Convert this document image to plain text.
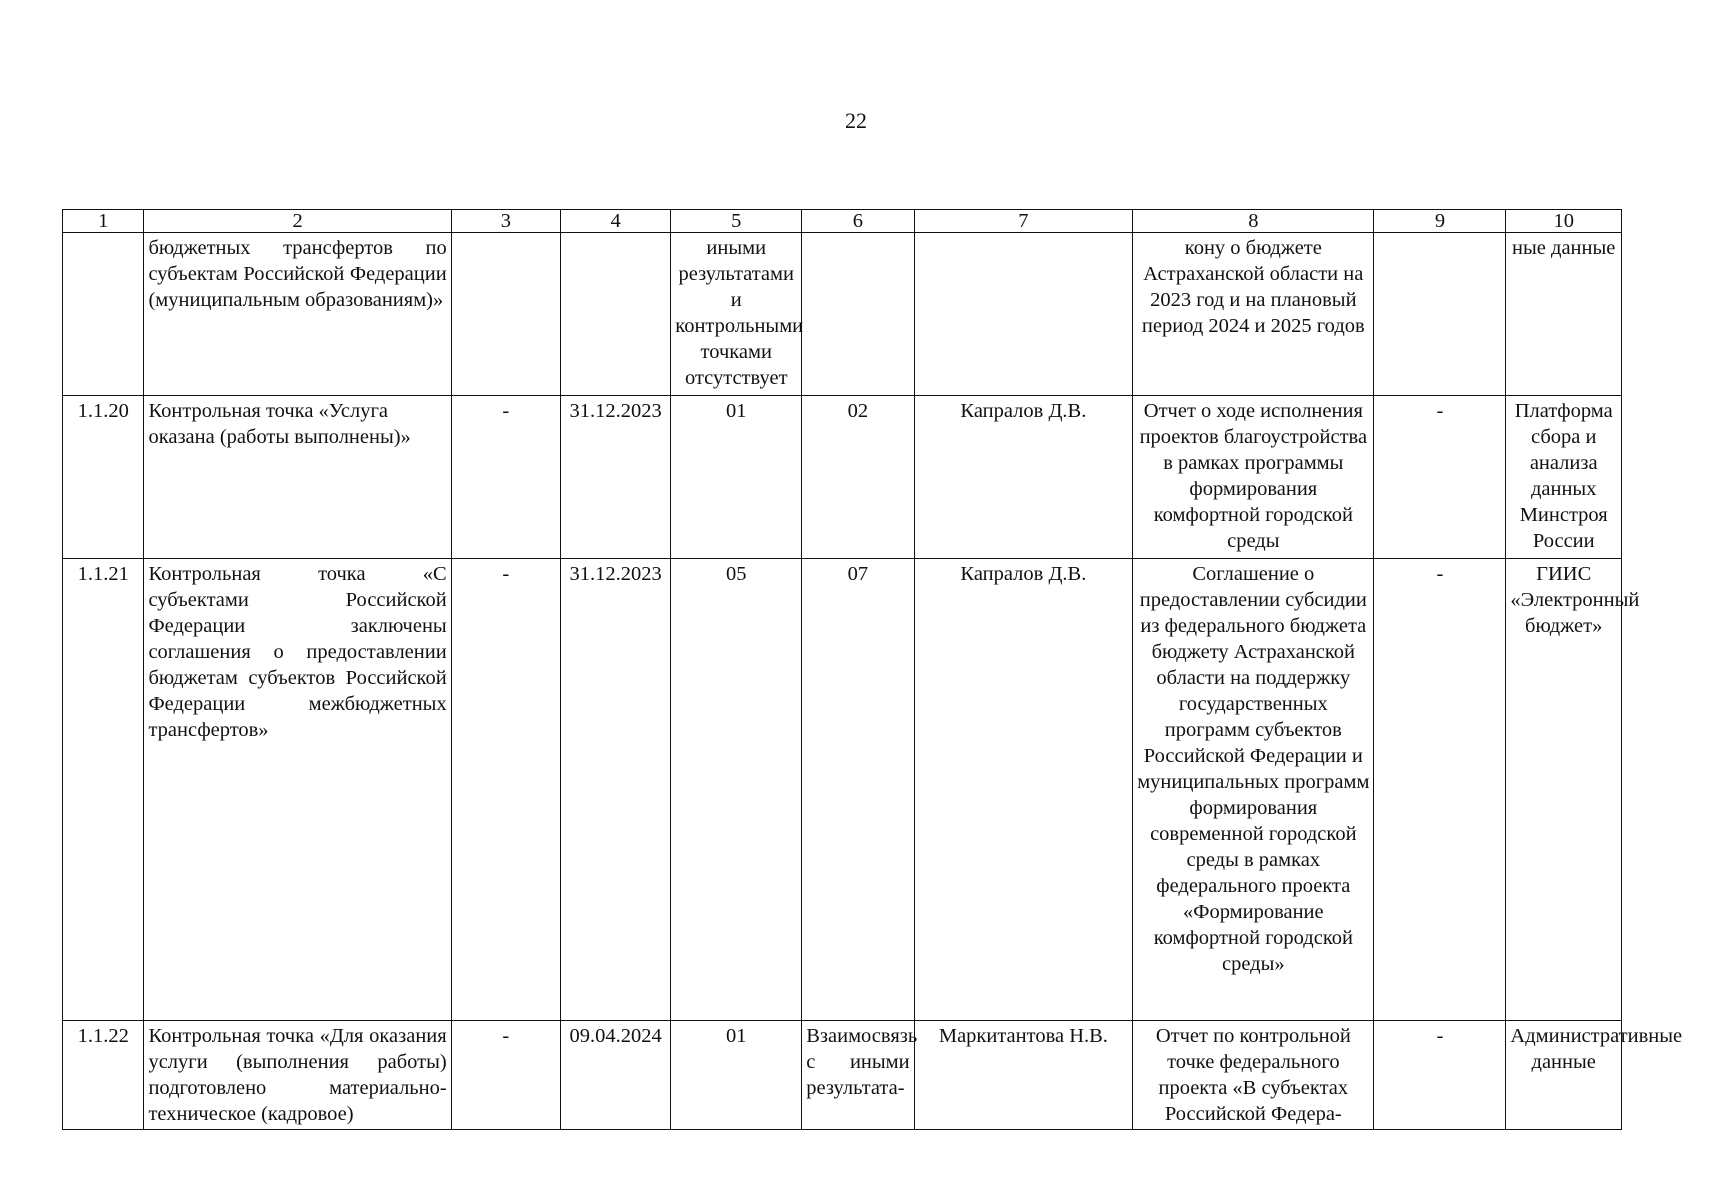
22
1	2	3	4	5	6	7	8	9	10
	бюджетных трансфертов по субъектам Российской Федерации (муниципальным образованиям)»			иными результатами и контрольными точками отсутствует			кону о бюджете Астраханской области на 2023 год и на плановый период 2024 и 2025 годов		ные данные
1.1.20	Контрольная точка «Услуга оказана (работы выполнены)»	-	31.12.2023	01	02	Капралов Д.В.	Отчет о ходе исполнения проектов благоустройства в рамках программы формирования комфортной городской среды	-	Платформа сбора и анализа данных Минстроя России
1.1.21	Контрольная точка «С субъектами Российской Федерации заключены соглашения о предоставлении бюджетам субъектов Российской Федерации межбюджетных трансфертов»	-	31.12.2023	05	07	Капралов Д.В.	Соглашение о предоставлении субсидии из федерального бюджета бюджету Астраханской области на поддержку государственных программ субъектов Российской Федерации и муниципальных программ формирования современной городской среды в рамках федерального проекта «Формирование комфортной городской среды»	-	ГИИС «Электронный бюджет»
1.1.22	Контрольная точка «Для оказания услуги (выполнения работы) подготовлено материально-техническое (кадровое)	-	09.04.2024	01	Взаимосвязь с иными результата-	Маркитантова Н.В.	Отчет по контрольной точке федерального проекта «В субъектах Российской Федера-	-	Административные данные
